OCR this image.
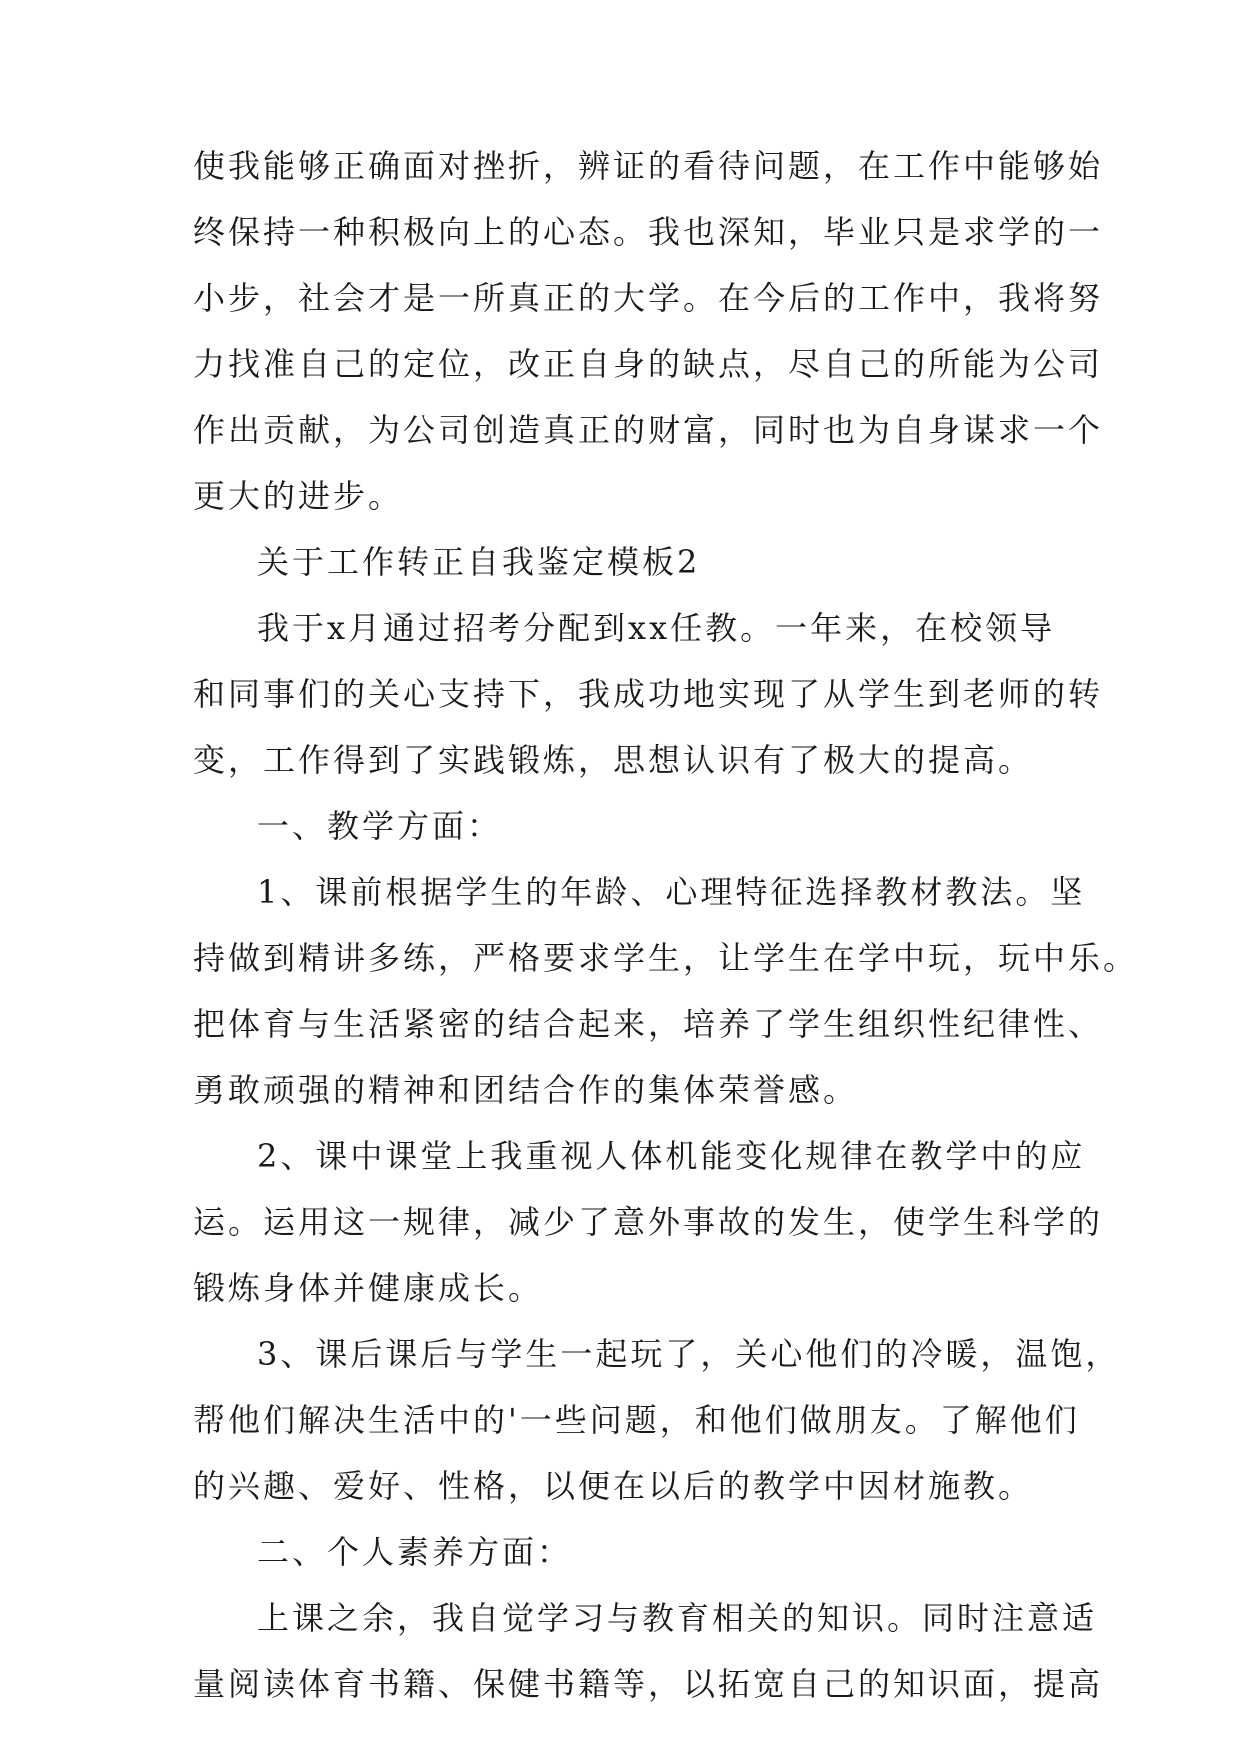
使我能够正确面对挫折，辨证的看待问题，在工作中能够始
终保持一种积极向上的心态。我也深知，毕业只是求学的一
小步，社会才是一所真正的大学。在今后的工作中，我将努
力找准自己的定位，改正自身的缺点，尽自己的所能为公司
作出贡献，为公司创造真正的财富，同时也为自身谋求一个
更大的进步。
关于工作转正自我鉴定模板2
我于x月通过招考分配到xx任教。一年来，在校领导
和同事们的关心支持下，我成功地实现了从学生到老师的转
变，工作得到了实践锻炼，思想认识有了极大的提高。
一、教学方面：
1、课前根据学生的年龄、心理特征选择教材教法。坚
持做到精讲多练，严格要求学生，让学生在学中玩，玩中乐。
把体育与生活紧密的结合起来，培养了学生组织性纪律性、
勇敢顽强的精神和团结合作的集体荣誉感。
2、课中课堂上我重视人体机能变化规律在教学中的应
运。运用这一规律，减少了意外事故的发生，使学生科学的
锻炼身体并健康成长。
3、课后课后与学生一起玩了，关心他们的冷暖，温饱，
帮他们解决生活中的'一些问题，和他们做朋友。了解他们
的兴趣、爱好、性格，以便在以后的教学中因材施教。
二、个人素养方面：
上课之余，我自觉学习与教育相关的知识。同时注意适
量阅读体育书籍、保健书籍等，以拓宽自己的知识面，提高
